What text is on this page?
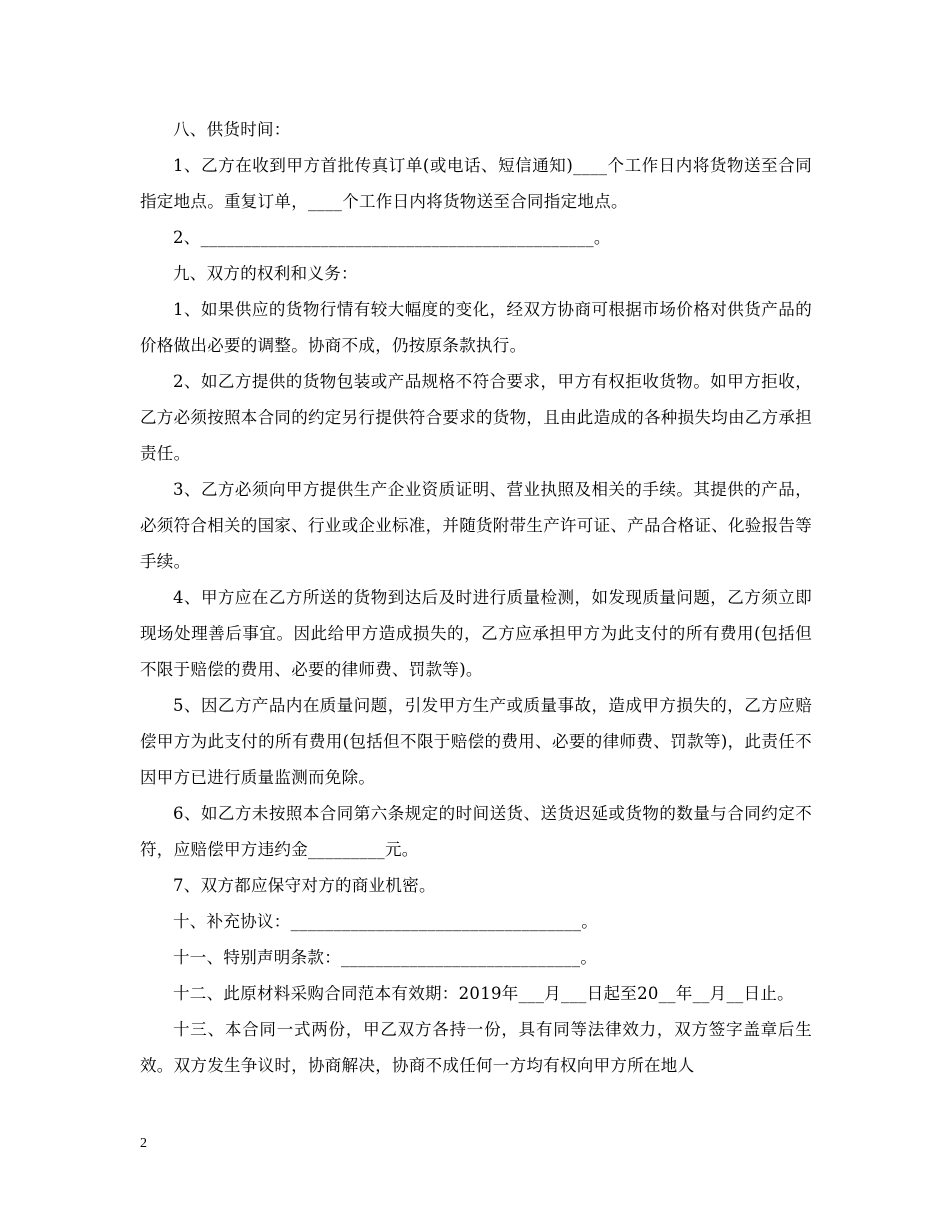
八、供货时间：

1、乙方在收到甲方首批传真订单(或电话、短信通知)____个工作日内将货物送至合同指定地点。重复订单，____个工作日内将货物送至合同指定地点。

2、______________________________________________。

九、双方的权利和义务：

1、如果供应的货物行情有较大幅度的变化，经双方协商可根据市场价格对供货产品的价格做出必要的调整。协商不成，仍按原条款执行。

2、如乙方提供的货物包装或产品规格不符合要求，甲方有权拒收货物。如甲方拒收，乙方必须按照本合同的约定另行提供符合要求的货物，且由此造成的各种损失均由乙方承担责任。

3、乙方必须向甲方提供生产企业资质证明、营业执照及相关的手续。其提供的产品，必须符合相关的国家、行业或企业标准，并随货附带生产许可证、产品合格证、化验报告等手续。

4、甲方应在乙方所送的货物到达后及时进行质量检测，如发现质量问题，乙方须立即现场处理善后事宜。因此给甲方造成损失的，乙方应承担甲方为此支付的所有费用(包括但不限于赔偿的费用、必要的律师费、罚款等)。

5、因乙方产品内在质量问题，引发甲方生产或质量事故，造成甲方损失的，乙方应赔偿甲方为此支付的所有费用(包括但不限于赔偿的费用、必要的律师费、罚款等)，此责任不因甲方已进行质量监测而免除。

6、如乙方未按照本合同第六条规定的时间送货、送货迟延或货物的数量与合同约定不符，应赔偿甲方违约金_________元。

7、双方都应保守对方的商业机密。

十、补充协议：__________________________________。

十一、特别声明条款：____________________________。

十二、此原材料采购合同范本有效期：2019年___月___日起至20__年__月__日止。

十三、本合同一式两份，甲乙双方各持一份，具有同等法律效力，双方签字盖章后生效。双方发生争议时，协商解决，协商不成任何一方均有权向甲方所在地人

2
